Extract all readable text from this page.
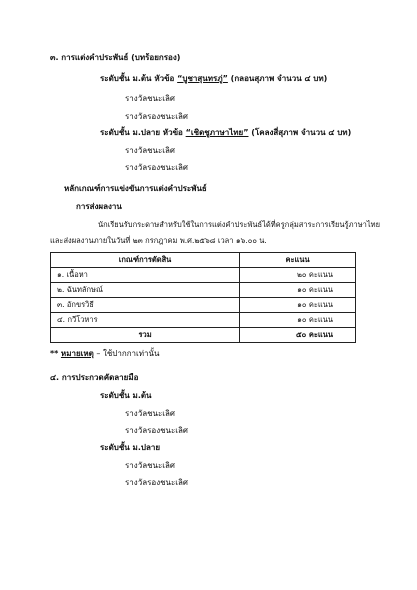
๓. การแต่งคำประพันธ์ (บทร้อยกรอง)
ระดับชั้น ม.ต้น หัวข้อ “บูชาสุนทรภู่” (กลอนสุภาพ จำนวน ๔ บท)
รางวัลชนะเลิศ
รางวัลรองชนะเลิศ
ระดับชั้น ม.ปลาย หัวข้อ “เชิดชูภาษาไทย” (โคลงสี่สุภาพ จำนวน ๔ บท)
รางวัลชนะเลิศ
รางวัลรองชนะเลิศ
หลักเกณฑ์การแข่งขันการแต่งคำประพันธ์
การส่งผลงาน
นักเรียนรับกระดาษสำหรับใช้ในการแต่งคำประพันธ์ได้ที่ครูกลุ่มสาระการเรียนรู้ภาษาไทย
และส่งผลงานภายในวันที่ ๒๓ กรกฎาคม พ.ศ.๒๕๖๘ เวลา ๑๖.๐๐ น.
เกณฑ์การตัดสิน	คะแนน
๑. เนื้อหา	๒๐ คะแนน
๒. ฉันทลักษณ์	๑๐ คะแนน
๓. อักขรวิธี	๑๐ คะแนน
๔. กวีโวหาร	๑๐ คะแนน
รวม	๕๐ คะแนน
** หมายเหตุ – ใช้ปากกาเท่านั้น
๔. การประกวดคัดลายมือ
ระดับชั้น ม.ต้น
รางวัลชนะเลิศ
รางวัลรองชนะเลิศ
ระดับชั้น ม.ปลาย
รางวัลชนะเลิศ
รางวัลรองชนะเลิศ
